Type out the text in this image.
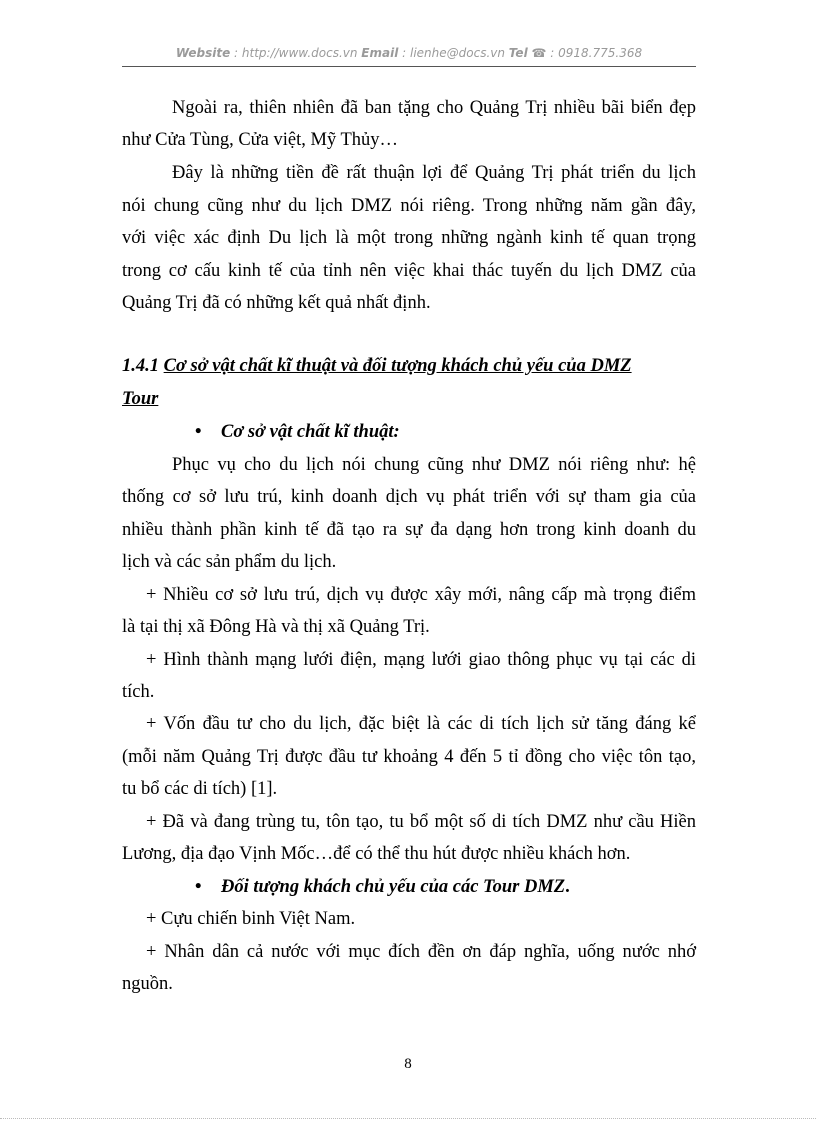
Website : http://www.docs.vn Email : lienhe@docs.vn Tel ☎ : 0918.775.368
Ngoài ra, thiên nhiên đã ban tặng cho Quảng Trị nhiều bãi biển đẹp
như Cửa Tùng, Cửa việt, Mỹ Thủy…
Đây là những tiền đề rất thuận lợi để Quảng Trị phát triển du lịch
nói chung cũng như du lịch DMZ nói riêng. Trong những năm gần đây,
với việc xác định Du lịch là một trong những ngành kinh tế quan trọng
trong cơ cấu kinh tế của tỉnh nên việc khai thác tuyến du lịch DMZ của
Quảng Trị đã có những kết quả nhất định.
1.4.1 Cơ sở vật chất kĩ thuật và đối tượng khách chủ yếu của DMZ
Tour
• Cơ sở vật chất kĩ thuật:
Phục vụ cho du lịch nói chung cũng như DMZ nói riêng như: hệ
thống cơ sở lưu trú, kinh doanh dịch vụ phát triển với sự tham gia của
nhiều thành phần kinh tế đã tạo ra sự đa dạng hơn trong kinh doanh du
lịch và các sản phẩm du lịch.
+ Nhiều cơ sở lưu trú, dịch vụ được xây mới, nâng cấp mà trọng điểm
là tại thị xã Đông Hà và thị xã Quảng Trị.
+ Hình thành mạng lưới điện, mạng lưới giao thông phục vụ tại các di
tích.
+ Vốn đầu tư cho du lịch, đặc biệt là các di tích lịch sử tăng đáng kể
(mỗi năm Quảng Trị được đầu tư khoảng 4 đến 5 tỉ đồng cho việc tôn tạo,
tu bổ các di tích) [1].
+ Đã và đang trùng tu, tôn tạo, tu bổ một số di tích DMZ như cầu Hiền
Lương, địa đạo Vịnh Mốc…để có thể thu hút được nhiều khách hơn.
• Đối tượng khách chủ yếu của các Tour DMZ.
+ Cựu chiến binh Việt Nam.
+ Nhân dân cả nước với mục đích đền ơn đáp nghĩa, uống nước nhớ
nguồn.
8
